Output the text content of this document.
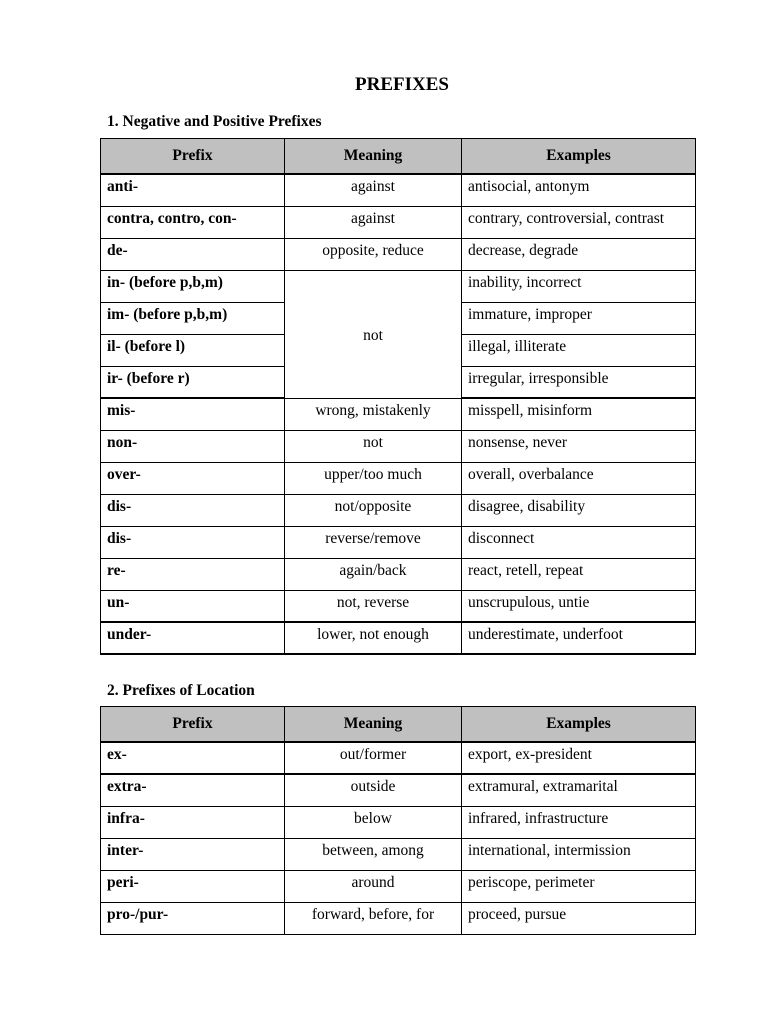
PREFIXES
1. Negative and Positive Prefixes
Prefix	Meaning	Examples
anti-	against	antisocial, antonym
contra, contro, con-	against	contrary, controversial, contrast
de-	opposite, reduce	decrease, degrade
in- (before p,b,m)	not	inability, incorrect
im- (before p,b,m)		immature, improper
il- (before l)		illegal, illiterate
ir- (before r)		irregular, irresponsible
mis-	wrong, mistakenly	misspell, misinform
non-	not	nonsense, never
over-	upper/too much	overall, overbalance
dis-	not/opposite	disagree, disability
dis-	reverse/remove	disconnect
re-	again/back	react, retell, repeat
un-	not, reverse	unscrupulous, untie
under-	lower, not enough	underestimate, underfoot
2. Prefixes of Location
Prefix	Meaning	Examples
ex-	out/former	export, ex-president
extra-	outside	extramural, extramarital
infra-	below	infrared, infrastructure
inter-	between, among	international, intermission
peri-	around	periscope, perimeter
pro-/pur-	forward, before, for	proceed, pursue
